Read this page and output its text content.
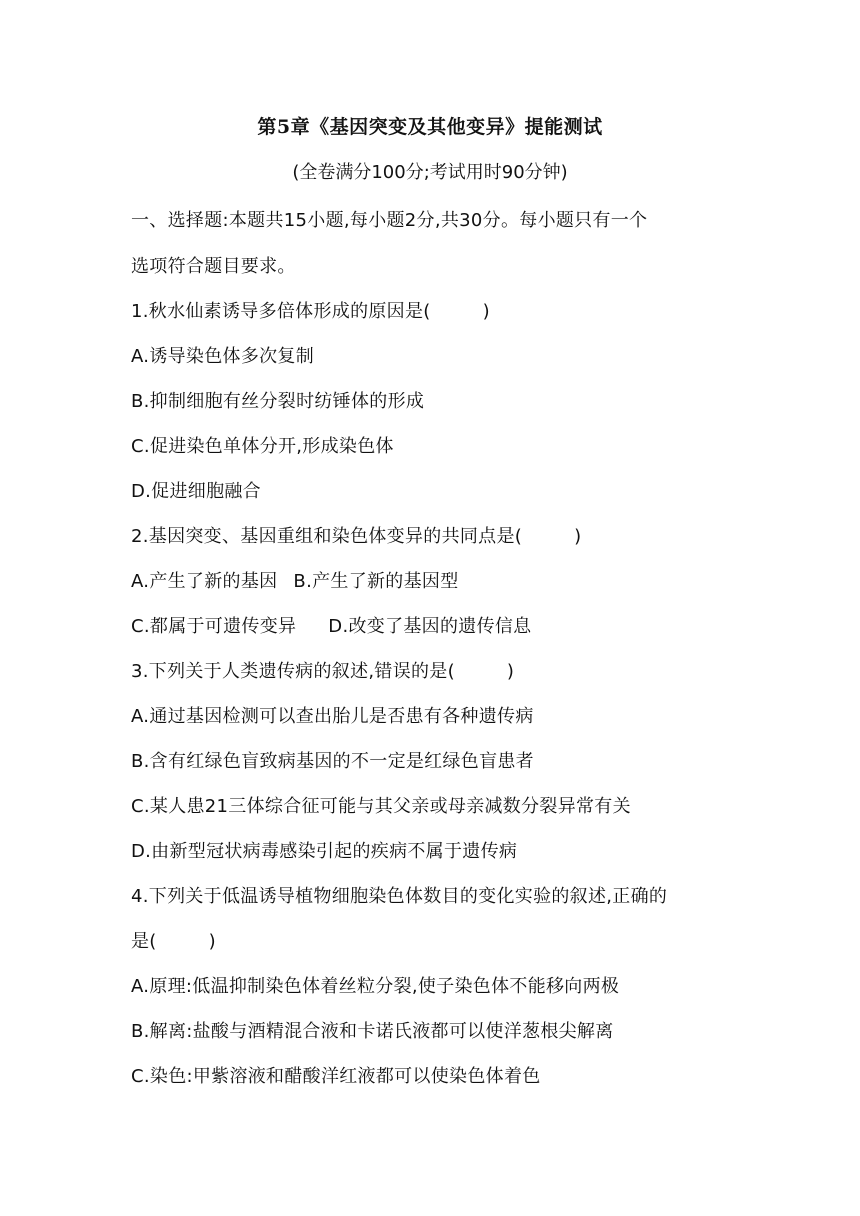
第5章《基因突变及其他变异》提能测试
(全卷满分100分;考试用时90分钟)
一、选择题:本题共15小题,每小题2分,共30分。每小题只有一个
选项符合题目要求。
1.秋水仙素诱导多倍体形成的原因是(	)
A.诱导染色体多次复制
B.抑制细胞有丝分裂时纺锤体的形成
C.促进染色单体分开,形成染色体
D.促进细胞融合
2.基因突变、基因重组和染色体变异的共同点是(	)
A.产生了新的基因 B.产生了新的基因型
C.都属于可遗传变异 D.改变了基因的遗传信息
3.下列关于人类遗传病的叙述,错误的是(	)
A.通过基因检测可以查出胎儿是否患有各种遗传病
B.含有红绿色盲致病基因的不一定是红绿色盲患者
C.某人患21三体综合征可能与其父亲或母亲减数分裂异常有关
D.由新型冠状病毒感染引起的疾病不属于遗传病
4.下列关于低温诱导植物细胞染色体数目的变化实验的叙述,正确的
是(	)
A.原理:低温抑制染色体着丝粒分裂,使子染色体不能移向两极
B.解离:盐酸与酒精混合液和卡诺氏液都可以使洋葱根尖解离
C.染色:甲紫溶液和醋酸洋红液都可以使染色体着色
